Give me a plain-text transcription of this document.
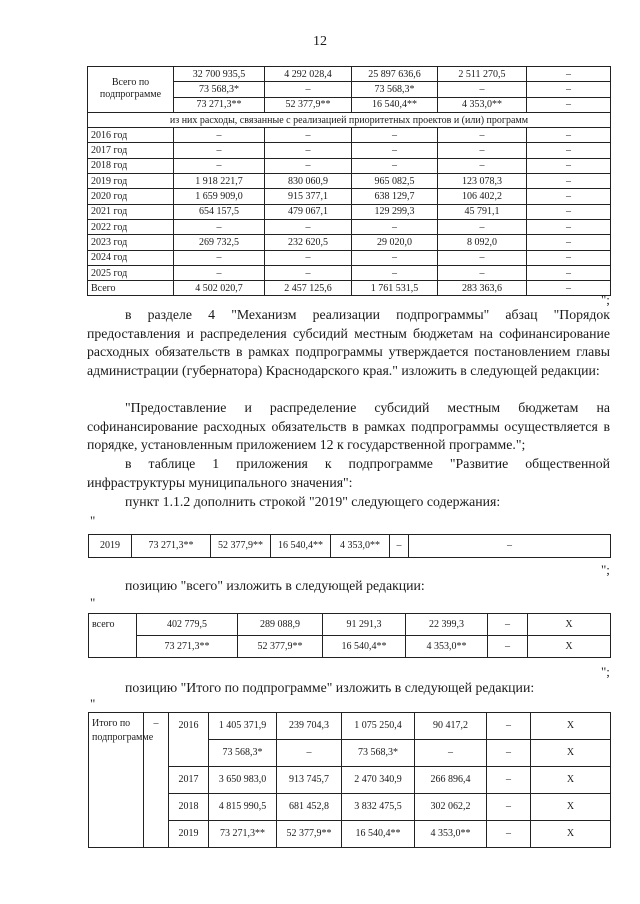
12
Всего по подпрограмме	32 700 935,5	4 292 028,4	25 897 636,6	2 511 270,5	–
	73 568,3*	–	73 568,3*	–	–
	73 271,3**	52 377,9**	16 540,4**	4 353,0**	–
из них расходы, связанные с реализацией приоритетных проектов и (или) программ					
2016 год	–	–	–	–	–
2017 год	–	–	–	–	–
2018 год	–	–	–	–	–
2019 год	1 918 221,7	830 060,9	965 082,5	123 078,3	–
2020 год	1 659 909,0	915 377,1	638 129,7	106 402,2	–
2021 год	654 157,5	479 067,1	129 299,3	45 791,1	–
2022 год	–	–	–	–	–
2023 год	269 732,5	232 620,5	29 020,0	8 092,0	–
2024 год	–	–	–	–	–
2025 год	–	–	–	–	–
Всего	4 502 020,7	2 457 125,6	1 761 531,5	283 363,6	–
";
в разделе 4 "Механизм реализации подпрограммы" абзац "Порядок предоставления и распределения субсидий местным бюджетам на софинансирование расходных обязательств в рамках подпрограммы утверждается постановлением главы администрации (губернатора) Краснодарского края." изложить в следующей редакции:
"Предоставление и распределение субсидий местным бюджетам на софинансирование расходных обязательств в рамках подпрограммы осуществляется в порядке, установленным приложением 12 к государственной программе.";
в таблице 1 приложения к подпрограмме "Развитие общественной инфраструктуры муниципального значения":
пункт 1.1.2 дополнить строкой "2019" следующего содержания:
"
2019	73 271,3**	52 377,9**	16 540,4**	4 353,0**	–	–
";
позицию "всего" изложить в следующей редакции:
"
всего	402 779,5	289 088,9	91 291,3	22 399,3	–	Х
	73 271,3**	52 377,9**	16 540,4**	4 353,0**	–	Х
";
позицию "Итого по подпрограмме" изложить в следующей редакции:
"
Итого по подпрограмме	–	2016	1 405 371,9	239 704,3	1 075 250,4	90 417,2	–	Х
			73 568,3*	–	73 568,3*	–	–	Х
		2017	3 650 983,0	913 745,7	2 470 340,9	266 896,4	–	Х
		2018	4 815 990,5	681 452,8	3 832 475,5	302 062,2	–	Х
		2019	73 271,3**	52 377,9**	16 540,4**	4 353,0**	–	Х
